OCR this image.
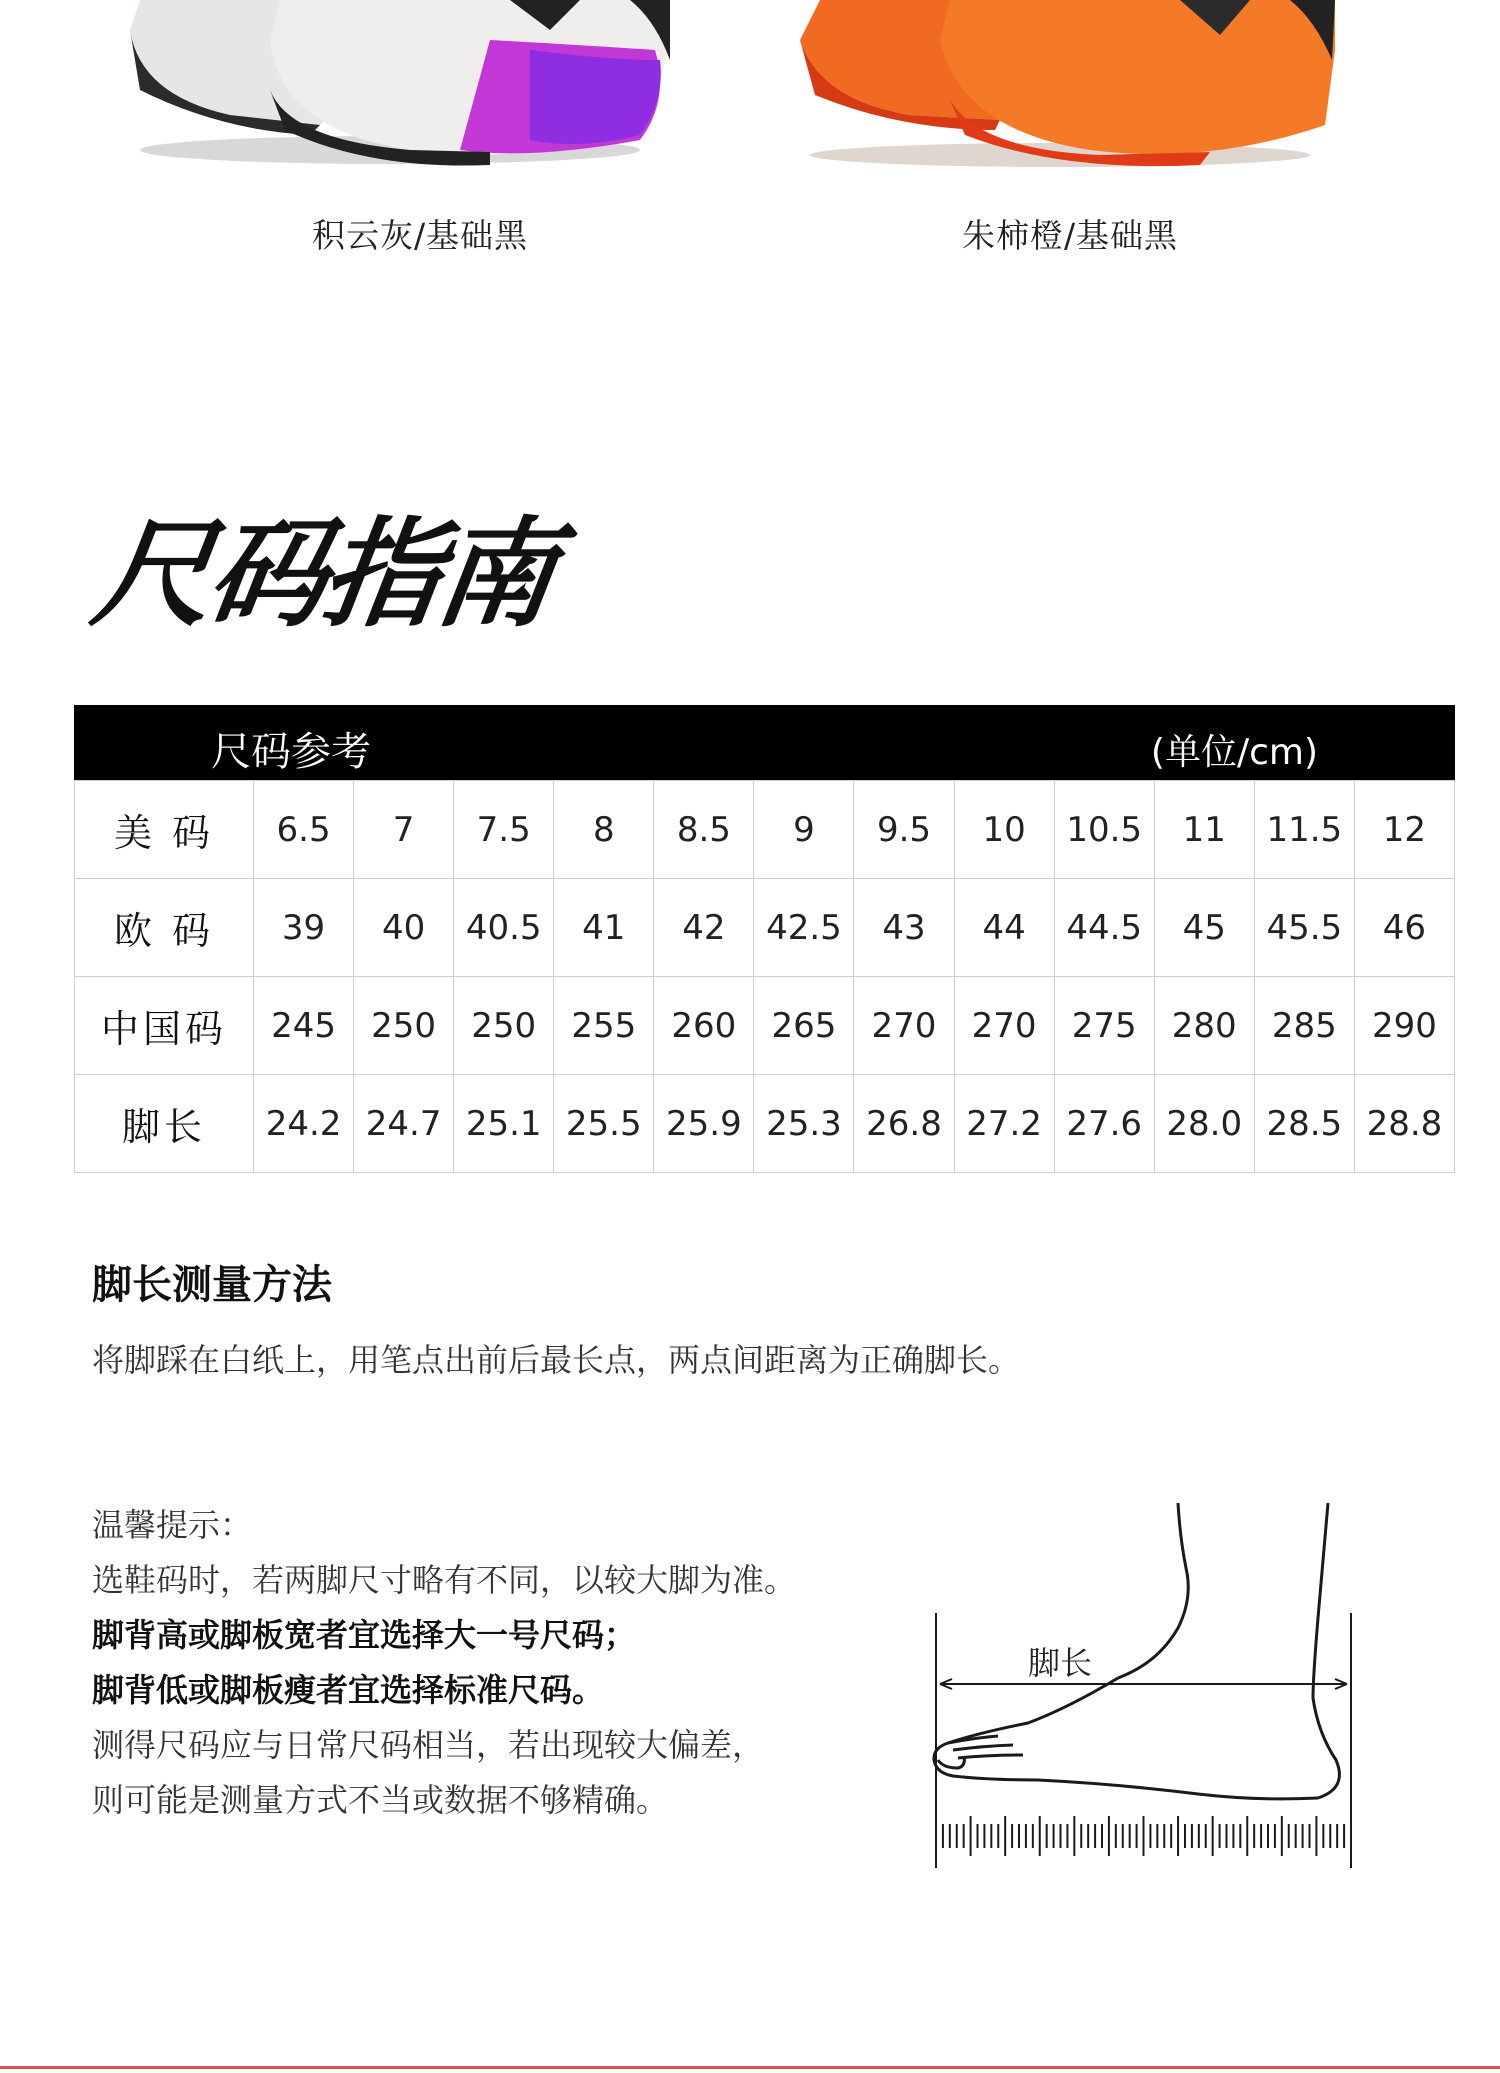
积云灰/基础黑	朱柿橙/基础黑
尺码指南
尺码参考	(单位/cm)
美 码	6.5	7	7.5	8	8.5	9	9.5	10	10.5	11	11.5	12
欧 码	39	40	40.5	41	42	42.5	43	44	44.5	45	45.5	46
中国码	245	250	250	255	260	265	270	270	275	280	285	290
脚长	24.2	24.7	25.1	25.5	25.9	25.3	26.8	27.2	27.6	28.0	28.5	28.8
脚长测量方法
将脚踩在白纸上，用笔点出前后最长点，两点间距离为正确脚长。
温馨提示：
选鞋码时，若两脚尺寸略有不同，以较大脚为准。
脚背高或脚板宽者宜选择大一号尺码；
脚背低或脚板瘦者宜选择标准尺码。
测得尺码应与日常尺码相当，若出现较大偏差，
则可能是测量方式不当或数据不够精确。
脚长
